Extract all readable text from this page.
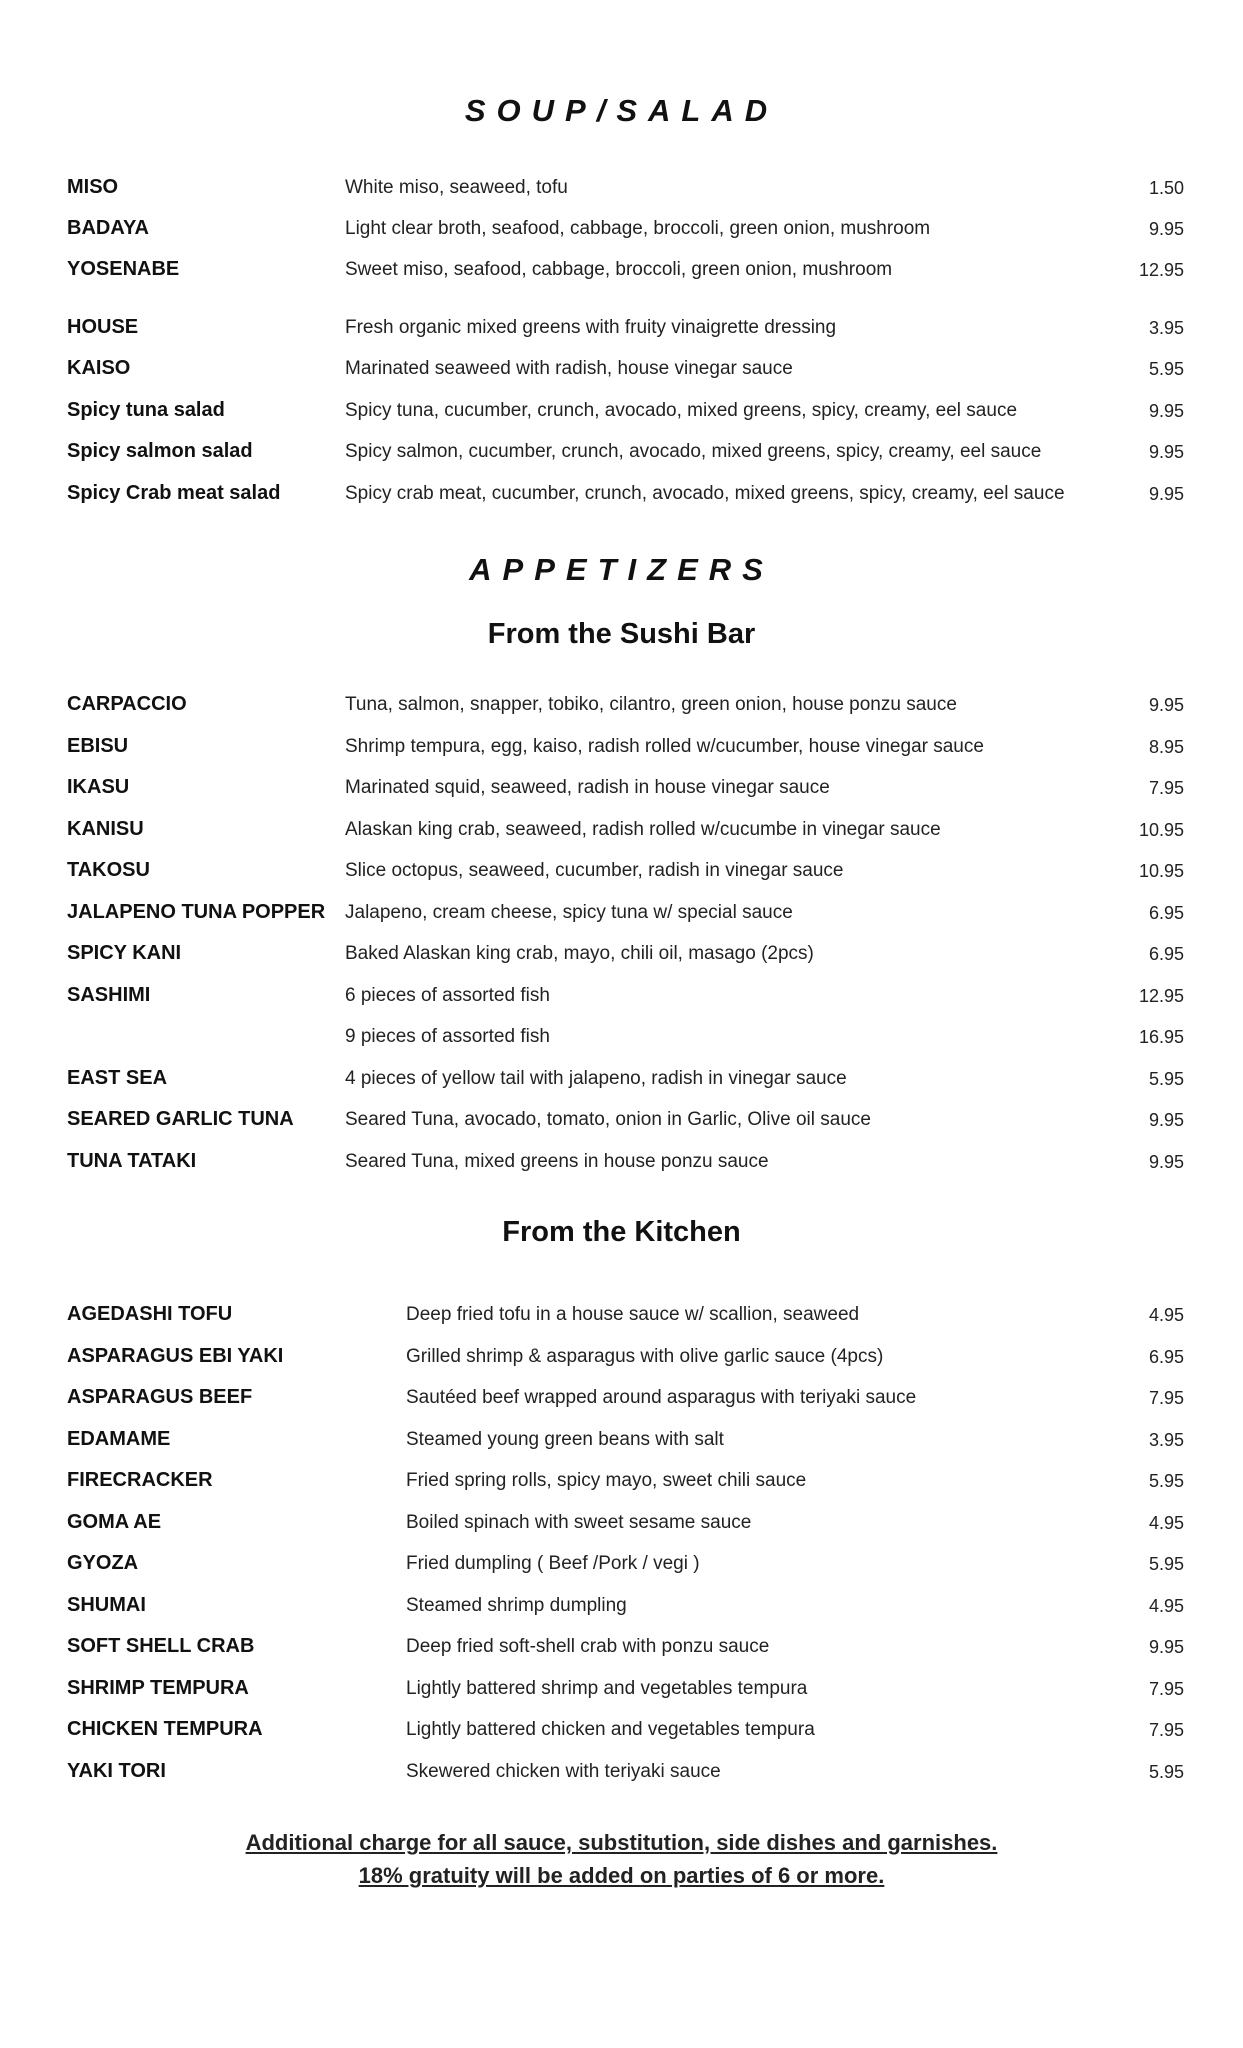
SOUP/SALAD
MISO	White miso, seaweed, tofu	1.50
BADAYA	Light clear broth, seafood, cabbage, broccoli, green onion, mushroom	9.95
YOSENABE	Sweet miso, seafood, cabbage, broccoli, green onion, mushroom	12.95
HOUSE	Fresh organic mixed greens with fruity vinaigrette dressing	3.95
KAISO	Marinated seaweed with radish, house vinegar sauce	5.95
Spicy tuna salad	Spicy tuna, cucumber, crunch, avocado, mixed greens, spicy, creamy, eel sauce	9.95
Spicy salmon salad	Spicy salmon, cucumber, crunch, avocado, mixed greens, spicy, creamy, eel sauce	9.95
Spicy Crab meat salad	Spicy crab meat, cucumber, crunch, avocado, mixed greens, spicy, creamy, eel sauce	9.95
APPETIZERS
From the Sushi Bar
CARPACCIO	Tuna, salmon, snapper, tobiko, cilantro, green onion, house ponzu sauce	9.95
EBISU	Shrimp tempura, egg, kaiso, radish rolled w/cucumber, house vinegar sauce	8.95
IKASU	Marinated squid, seaweed, radish in house vinegar sauce	7.95
KANISU	Alaskan king crab, seaweed, radish rolled w/cucumbe in vinegar sauce	10.95
TAKOSU	Slice octopus, seaweed, cucumber, radish in vinegar sauce	10.95
JALAPENO TUNA POPPER Jalapeno, cream cheese, spicy tuna w/ special sauce	6.95
SPICY KANI	Baked Alaskan king crab, mayo, chili oil, masago (2pcs)	6.95
SASHIMI	6 pieces of assorted fish	12.95
9 pieces of assorted fish	16.95
EAST SEA	4 pieces of yellow tail with jalapeno, radish in vinegar sauce	5.95
SEARED GARLIC TUNA	Seared Tuna, avocado, tomato, onion in Garlic, Olive oil sauce	9.95
TUNA TATAKI	Seared Tuna, mixed greens in house ponzu sauce	9.95
From the Kitchen
AGEDASHI TOFU	Deep fried tofu in a house sauce w/ scallion, seaweed	4.95
ASPARAGUS EBI YAKI	Grilled shrimp & asparagus with olive garlic sauce (4pcs)	6.95
ASPARAGUS BEEF	Sautéed beef wrapped around asparagus with teriyaki sauce	7.95
EDAMAME	Steamed young green beans with salt	3.95
FIRECRACKER	Fried spring rolls, spicy mayo, sweet chili sauce	5.95
GOMA AE	Boiled spinach with sweet sesame sauce	4.95
GYOZA	Fried dumpling ( Beef /Pork / vegi )	5.95
SHUMAI	Steamed shrimp dumpling	4.95
SOFT SHELL CRAB	Deep fried soft-shell crab with ponzu sauce	9.95
SHRIMP TEMPURA	Lightly battered shrimp and vegetables tempura	7.95
CHICKEN TEMPURA	Lightly battered chicken and vegetables tempura	7.95
YAKI TORI	Skewered chicken with teriyaki sauce	5.95
Additional charge for all sauce, substitution, side dishes and garnishes.
18% gratuity will be added on parties of 6 or more.
